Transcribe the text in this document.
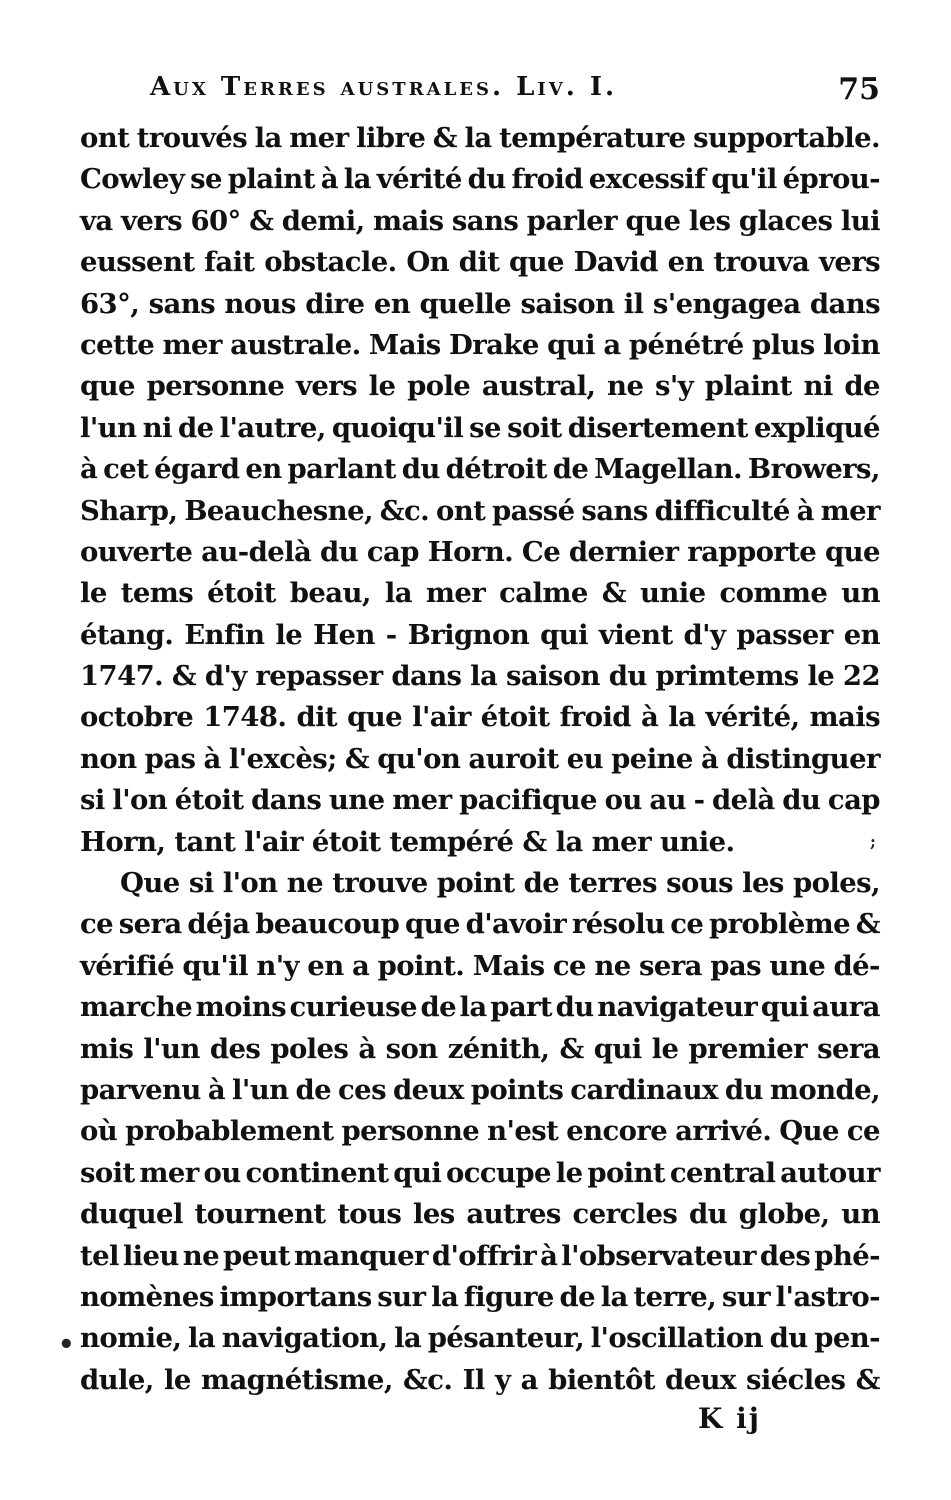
Aux Terres australes. Liv. I.	75
ont trouvés la mer libre & la température supportable.
Cowley se plaint à la vérité du froid excessif qu'il éprou-
va vers 60° & demi, mais sans parler que les glaces lui
eussent fait obstacle. On dit que David en trouva vers
63°, sans nous dire en quelle saison il s'engagea dans
cette mer australe. Mais Drake qui a pénétré plus loin
que personne vers le pole austral, ne s'y plaint ni de
l'un ni de l'autre, quoiqu'il se soit disertement expliqué
à cet égard en parlant du détroit de Magellan. Browers,
Sharp, Beauchesne, &c. ont passé sans difficulté à mer
ouverte au-delà du cap Horn. Ce dernier rapporte que
le tems étoit beau, la mer calme & unie comme un
étang. Enfin le Hen - Brignon qui vient d'y passer en
1747. & d'y repasser dans la saison du primtems le 22
octobre 1748. dit que l'air étoit froid à la vérité, mais
non pas à l'excès; & qu'on auroit eu peine à distinguer
si l'on étoit dans une mer pacifique ou au - delà du cap
Horn, tant l'air étoit tempéré & la mer unie.
Que si l'on ne trouve point de terres sous les poles,
ce sera déja beaucoup que d'avoir résolu ce problème &
vérifié qu'il n'y en a point. Mais ce ne sera pas une dé-
marche moins curieuse de la part du navigateur qui aura
mis l'un des poles à son zénith, & qui le premier sera
parvenu à l'un de ces deux points cardinaux du monde,
où probablement personne n'est encore arrivé. Que ce
soit mer ou continent qui occupe le point central autour
duquel tournent tous les autres cercles du globe, un
tel lieu ne peut manquer d'offrir à l'observateur des phé-
nomènes importans sur la figure de la terre, sur l'astro-
nomie, la navigation, la pésanteur, l'oscillation du pen-
dule, le magnétisme, &c. Il y a bientôt deux siécles &
;
•
K ij
